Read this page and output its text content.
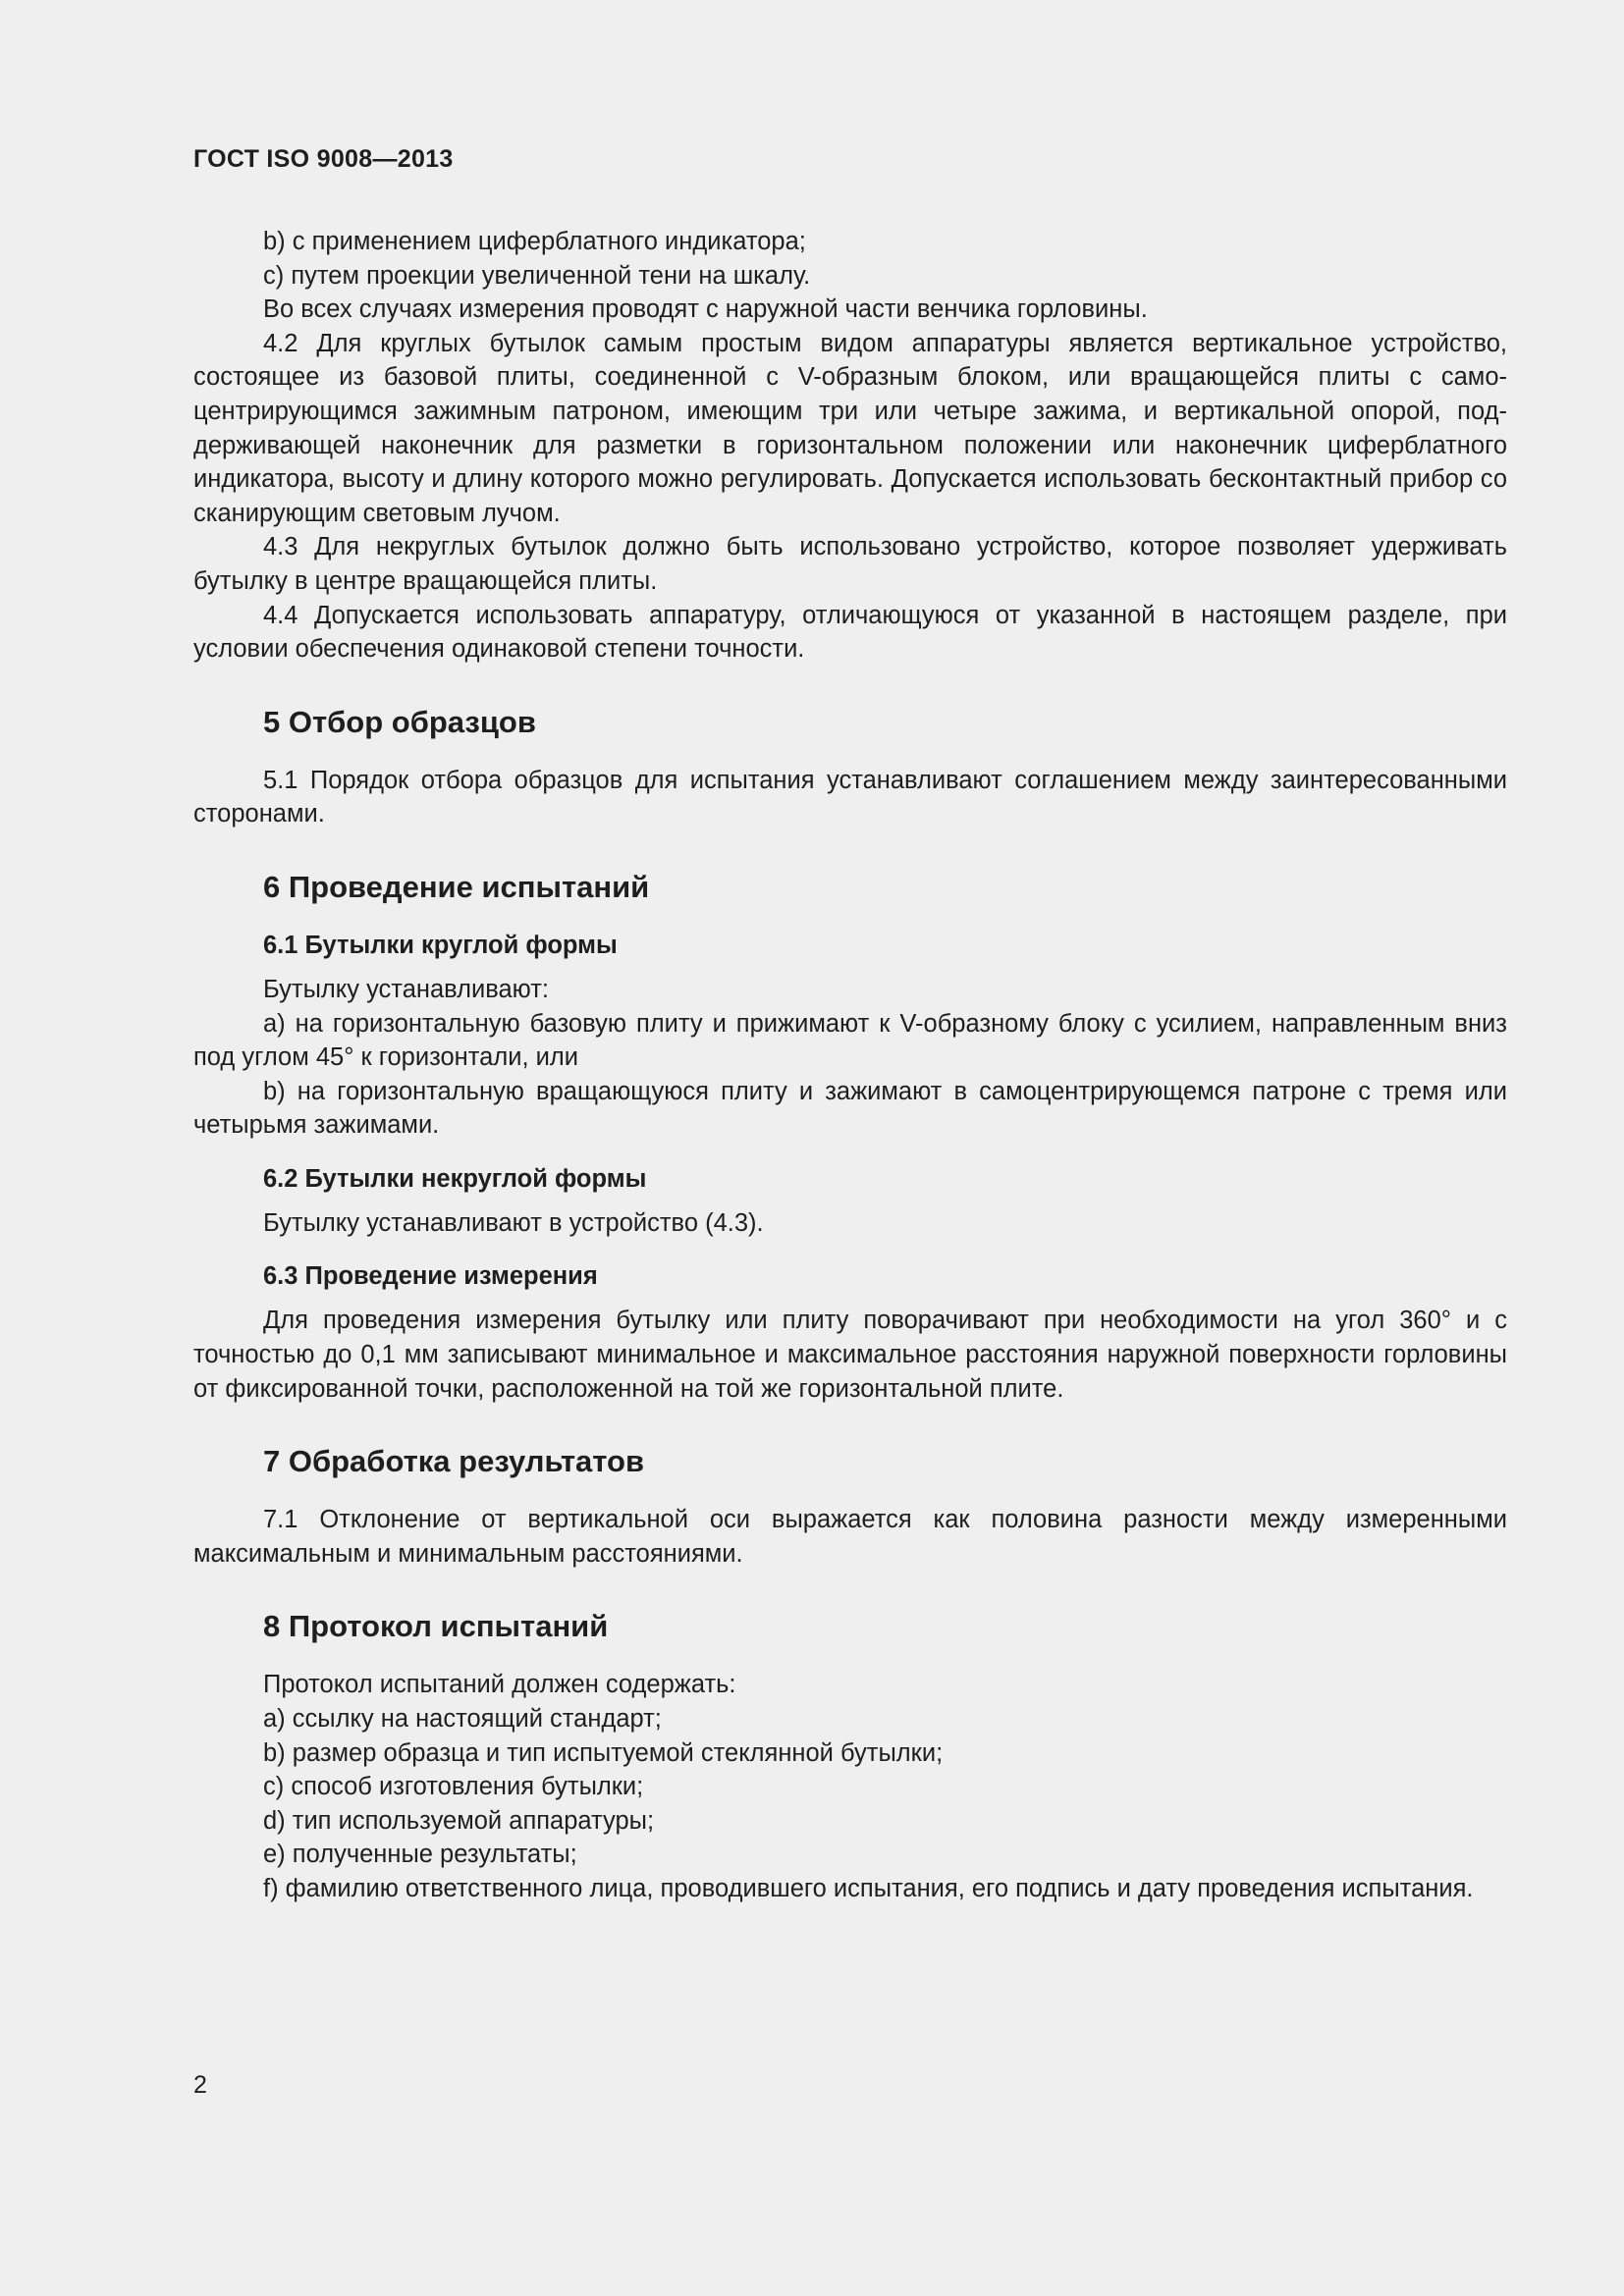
ГОСТ ISO 9008—2013

b) с применением циферблатного индикатора;

c) путем проекции увеличенной тени на шкалу.

Во всех случаях измерения проводят с наружной части венчика горловины.

4.2 Для круглых бутылок самым простым видом аппаратуры является вертикальное устройство, состоящее из базовой плиты, соединенной с V-образным блоком, или вращающейся плиты с самоцентрирующимся зажимным патроном, имеющим три или четыре зажима, и вертикальной опорой, поддерживающей наконечник для разметки в горизонтальном положении или наконечник циферблатного индикатора, высоту и длину которого можно регулировать. Допускается использовать бесконтактный прибор со сканирующим световым лучом.

4.3 Для некруглых бутылок должно быть использовано устройство, которое позволяет удерживать бутылку в центре вращающейся плиты.

4.4 Допускается использовать аппаратуру, отличающуюся от указанной в настоящем разделе, при условии обеспечения одинаковой степени точности.

5 Отбор образцов

5.1 Порядок отбора образцов для испытания устанавливают соглашением между заинтересованными сторонами.

6 Проведение испытаний
6.1 Бутылки круглой формы

Бутылку устанавливают:

a) на горизонтальную базовую плиту и прижимают к V-образному блоку с усилием, направленным вниз под углом 45° к горизонтали, или

b) на горизонтальную вращающуюся плиту и зажимают в самоцентрирующемся патроне с тремя или четырьмя зажимами.

6.2 Бутылки некруглой формы

Бутылку устанавливают в устройство (4.3).

6.3 Проведение измерения

Для проведения измерения бутылку или плиту поворачивают при необходимости на угол 360° и с точностью до 0,1 мм записывают минимальное и максимальное расстояния наружной поверхности горловины от фиксированной точки, расположенной на той же горизонтальной плите.

7 Обработка результатов

7.1 Отклонение от вертикальной оси выражается как половина разности между измеренными максимальным и минимальным расстояниями.

8 Протокол испытаний

Протокол испытаний должен содержать:

a) ссылку на настоящий стандарт;

b) размер образца и тип испытуемой стеклянной бутылки;

c) способ изготовления бутылки;

d) тип используемой аппаратуры;

e) полученные результаты;

f) фамилию ответственного лица, проводившего испытания, его подпись и дату проведения испытания.

2
